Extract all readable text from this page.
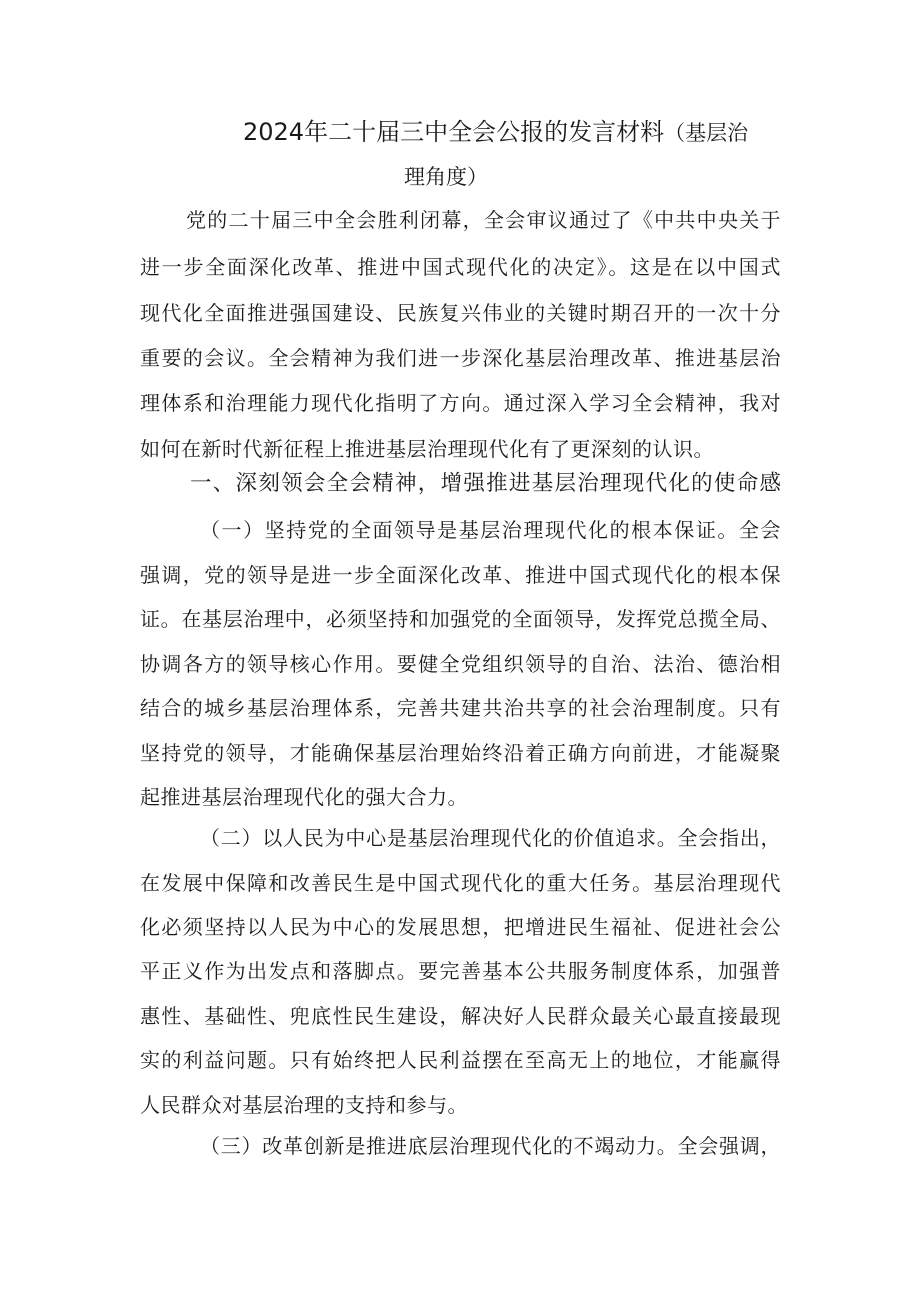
2024年二十届三中全会公报的发言材料（基层治
理角度）
党的二十届三中全会胜利闭幕，全会审议通过了《中共中央关于
进一步全面深化改革、推进中国式现代化的决定》。这是在以中国式
现代化全面推进强国建设、民族复兴伟业的关键时期召开的一次十分
重要的会议。全会精神为我们进一步深化基层治理改革、推进基层治
理体系和治理能力现代化指明了方向。通过深入学习全会精神，我对
如何在新时代新征程上推进基层治理现代化有了更深刻的认识。
一、深刻领会全会精神，增强推进基层治理现代化的使命感
（一）坚持党的全面领导是基层治理现代化的根本保证。全会
强调，党的领导是进一步全面深化改革、推进中国式现代化的根本保
证。在基层治理中，必须坚持和加强党的全面领导，发挥党总揽全局、
协调各方的领导核心作用。要健全党组织领导的自治、法治、德治相
结合的城乡基层治理体系，完善共建共治共享的社会治理制度。只有
坚持党的领导，才能确保基层治理始终沿着正确方向前进，才能凝聚
起推进基层治理现代化的强大合力。
（二）以人民为中心是基层治理现代化的价值追求。全会指出，
在发展中保障和改善民生是中国式现代化的重大任务。基层治理现代
化必须坚持以人民为中心的发展思想，把增进民生福祉、促进社会公
平正义作为出发点和落脚点。要完善基本公共服务制度体系，加强普
惠性、基础性、兜底性民生建设，解决好人民群众最关心最直接最现
实的利益问题。只有始终把人民利益摆在至高无上的地位，才能赢得
人民群众对基层治理的支持和参与。
（三）改革创新是推进底层治理现代化的不竭动力。全会强调，
